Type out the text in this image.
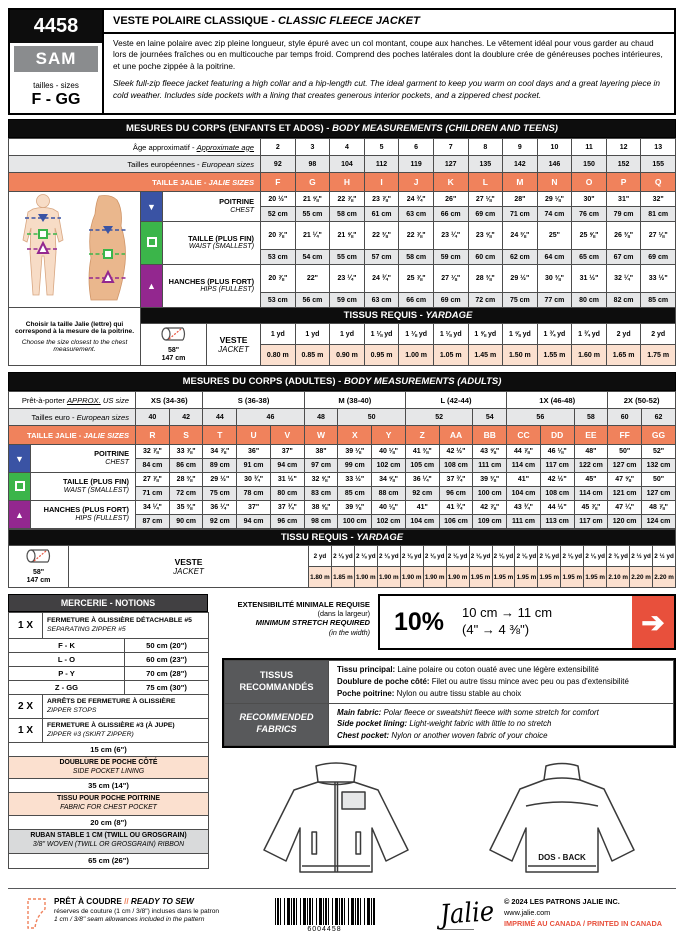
4458
SAM
tailles - sizes
F - GG
VESTE POLAIRE CLASSIQUE - CLASSIC FLEECE JACKET

Veste en laine polaire avec zip pleine longueur, style épuré avec un col montant, coupe aux hanches. Le vêtement idéal pour vous garder au chaud lors de journées fraîches ou en multicouche par temps froid. Comprend des poches latérales dont la doublure crée de généreuses poches intérieures, et une poche zippée à la poitrine.

Sleek full-zip fleece jacket featuring a high collar and a hip-length cut. The ideal garment to keep you warm on cool days and a great layering piece in cold weather. Includes side pockets with a lining that creates generous interior pockets, and a zippered chest pocket.

MESURES DU CORPS (ENFANTS ET ADOS) - BODY MEASUREMENTS (CHILDREN AND TEENS)
Âge approximatif - Approximate age				2	3	4	5	6	7	8	9	10	11	12	13
Tailles européennes - European sizes				92	98	104	112	119	127	135	142	146	150	152	155
TAILLE JALIE - JALIE SIZES				F	G	H	I	J	K	L	M	N	O	P	Q
	▼	POITRINE
CHEST		20 ½"	21 ⅝"	22 ⅞"	23 ⅞"	24 ¾"	26"	27 ⅛"	28"	29 ⅛"	30"	31"	32"
				52 cm	55 cm	58 cm	61 cm	63 cm	66 cm	69 cm	71 cm	74 cm	76 cm	79 cm	81 cm

		TAILLE (PLUS FIN)
WAIST (SMALLEST)		20 ⅞"	21 ¼"	21 ⅝"	22 ⅜"	22 ⅞"	23 ¼"	23 ⅝"	24 ⅜"	25"	25 ⅝"	26 ⅜"	27 ⅛"
				53 cm	54 cm	55 cm	57 cm	58 cm	59 cm	60 cm	62 cm	64 cm	65 cm	67 cm	69 cm
	▲	HANCHES (PLUS FORT)
HIPS (FULLEST)		20 ⅞"	22"	23 ¼"	24 ¾"	25 ⅞"	27 ⅛"	28 ⅜"	29 ½"	30 ⅜"	31 ½"	32 ¼"	33 ½"
				53 cm	56 cm	59 cm	63 cm	66 cm	69 cm	72 cm	75 cm	77 cm	80 cm	82 cm	85 cm

Choisir la taille Jalie (lettre) qui correspond à la mesure de la poitrine.
Choose the size closest to the chest measurement.	TISSUS REQUIS - YARDAGE														

	58"
147 cm		VESTE
JACKET	1 yd	1 yd	1 yd	1 ⅛ yd	1 ⅛ yd	1 ⅛ yd	1 ⅝ yd	1 ⅝ yd	1 ¾ yd	1 ¾ yd	2 yd	2 yd
				0.80 m	0.85 m	0.90 m	0.95 m	1.00 m	1.05 m	1.45 m	1.50 m	1.55 m	1.60 m	1.65 m	1.75 m
MESURES DU CORPS (ADULTES) - BODY MEASUREMENTS (ADULTS)
Prêt-à-porter APPROX. US size		XS (34-36)		S (36-38)			M (38-40)			L (42-44)			1X (46-48)			2X (50-52)	
Tailles euro - European sizes		40	42	44	46		48	50		52		54	56		58	60	62
TAILLE JALIE - JALIE SIZES		R	S	T	U	V	W	X	Y	Z	AA	BB	CC	DD	EE	FF	GG
▼	POITRINE
CHEST	32 ⅞"	33 ⅞"	34 ⅞"	36"	37"	38"	39 ⅛"	40 ⅛"	41 ⅜"	42 ½"	43 ⅝"	44 ⅞"	46 ⅛"	48"	50"	52"
		84 cm	86 cm	89 cm	91 cm	94 cm	97 cm	99 cm	102 cm	105 cm	108 cm	111 cm	114 cm	117 cm	122 cm	127 cm	132 cm

	TAILLE (PLUS FIN)
WAIST (SMALLEST)	27 ⅞"	28 ⅜"	29 ½"	30 ¾"	31 ½"	32 ⅝"	33 ½"	34 ⅝"	36 ¼"	37 ¾"	39 ⅜"	41"	42 ½"	45"	47 ⅝"	50"
		71 cm	72 cm	75 cm	78 cm	80 cm	83 cm	85 cm	88 cm	92 cm	96 cm	100 cm	104 cm	108 cm	114 cm	121 cm	127 cm
▲	HANCHES (PLUS FORT)
HIPS (FULLEST)	34 ¼"	35 ⅜"	36 ¼"	37"	37 ¾"	38 ⅝"	39 ⅜"	40 ⅛"	41"	41 ¾"	42 ⅞"	43 ¾"	44 ½"	45 ⅞"	47 ¼"	48 ⅞"
		87 cm	90 cm	92 cm	94 cm	96 cm	98 cm	100 cm	102 cm	104 cm	106 cm	109 cm	111 cm	113 cm	117 cm	120 cm	124 cm
TISSU REQUIS - YARDAGE																	

58"
147 cm	VESTE
JACKET	2 yd	2 ⅛ yd	2 ⅛ yd	2 ⅛ yd	2 ⅛ yd	2 ⅛ yd	2 ⅛ yd	2 ⅛ yd	2 ⅛ yd	2 ⅛ yd	2 ⅛ yd	2 ⅛ yd	2 ⅛ yd	2 ⅜ yd	2 ½ yd	2 ½ yd
		1.80 m	1.85 m	1.90 m	1.90 m	1.90 m	1.90 m	1.90 m	1.95 m	1.95 m	1.95 m	1.95 m	1.95 m	1.95 m	2.10 m	2.20 m	2.20 m
MERCERIE - NOTIONS
1 X	FERMETURE À GLISSIÈRE DÉTACHABLE #5
SEPARATING ZIPPER #5	

F - K		50 cm (20")
L - O		60 cm (23")
P - Y		70 cm (28")
Z - GG		75 cm (30")
2 X	ARRÊTS DE FERMETURE À GLISSIÈRE
ZIPPER STOPS	

1 X	FERMETURE À GLISSIÈRE #3 (À JUPE)
ZIPPER #3 (SKIRT ZIPPER)	

15 cm (6")		

DOUBLURE DE POCHE CÔTÉ
SIDE POCKET LINING		

35 cm (14")		

TISSU POUR POCHE POITRINE
FABRIC FOR CHEST POCKET		

20 cm (8")		

RUBAN STABLE 1 CM (TWILL OU GROSGRAIN)
3/8" WOVEN (TWILL OR GROSGRAIN) RIBBON		

65 cm (26")		
EXTENSIBILITÉ MINIMALE REQUISE
(dans la largeur)
MINIMUM STRETCH REQUIRED
(in the width) 10%	10 cm → 11 cm
(4" → 4 ⅜")	➔
TISSUS RECOMMANDÉS	Tissu principal: Laine polaire ou coton ouaté avec une légère extensibilité
Doublure de poche côté: Filet ou autre tissu mince avec peu ou pas d'extensibilité
Poche poitrine: Nylon ou autre tissu stable au choix

RECOMMENDED FABRICS	Main fabric: Polar fleece or sweatshirt fleece with some stretch for comfort
Side pocket lining: Light-weight fabric with little to no stretch
Chest pocket: Nylon or another woven fabric of your choice
DOS - BACK
PRÊT À COUDRE // READY TO SEW
réserves de couture (1 cm / 3/8") incluses dans le patron
1 cm / 3/8" seam allowances included in the pattern
6004458	Jalie © 2024 LES PATRONS JALIE INC.
www.jalie.com
IMPRIMÉ AU CANADA / PRINTED IN CANADA
